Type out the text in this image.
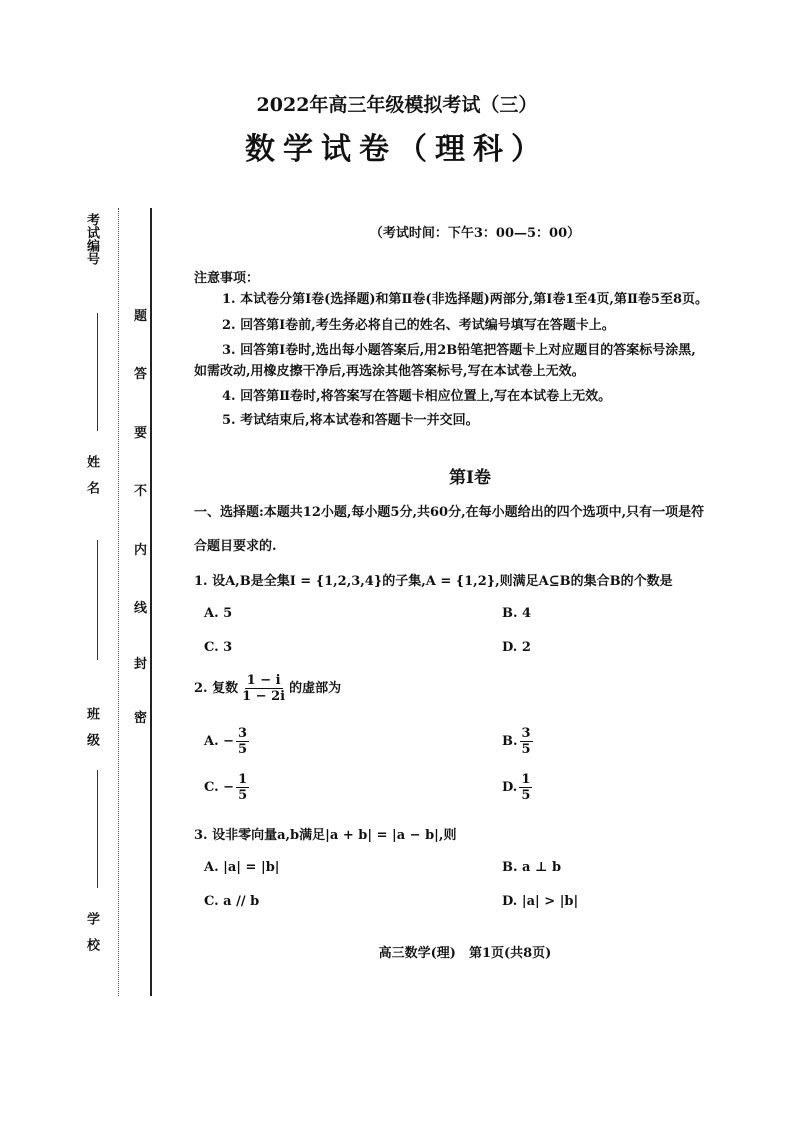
考试编号
姓　名
班　级
学　校
题
答
要
不
内
线
封
密
2022年高三年级模拟考试（三）
数学试卷（理科）
（考试时间：下午3：00—5：00）
注意事项：
1. 本试卷分第Ⅰ卷(选择题)和第Ⅱ卷(非选择题)两部分,第Ⅰ卷1至4页,第Ⅱ卷5至8页。
2. 回答第Ⅰ卷前,考生务必将自己的姓名、考试编号填写在答题卡上。
3. 回答第Ⅰ卷时,选出每小题答案后,用2B铅笔把答题卡上对应题目的答案标号涂黑,
如需改动,用橡皮擦干净后,再选涂其他答案标号,写在本试卷上无效。
4. 回答第Ⅱ卷时,将答案写在答题卡相应位置上,写在本试卷上无效。
5. 考试结束后,将本试卷和答题卡一并交回。
第Ⅰ卷
一、选择题:本题共12小题,每小题5分,共60分,在每小题给出的四个选项中,只有一项是符
合题目要求的.
1. 设A,B是全集I = {1,2,3,4}的子集,A = {1,2},则满足A⊆B的集合B的个数是
A. 5	B. 4
C. 3	D. 2
2. 复数 $\frac{1 - i}{1 - 2i}$ 的虚部为
A. − $\frac{3}{5}$	B. $\frac{3}{5}$
C. − $\frac{1}{5}$	D. $\frac{1}{5}$
3. 设非零向量a,b满足|a + b| = |a − b|,则
A. |a| = |b|	B. a ⊥ b
C. a // b	D. |a| > |b|
高三数学(理)　第1页(共8页)
